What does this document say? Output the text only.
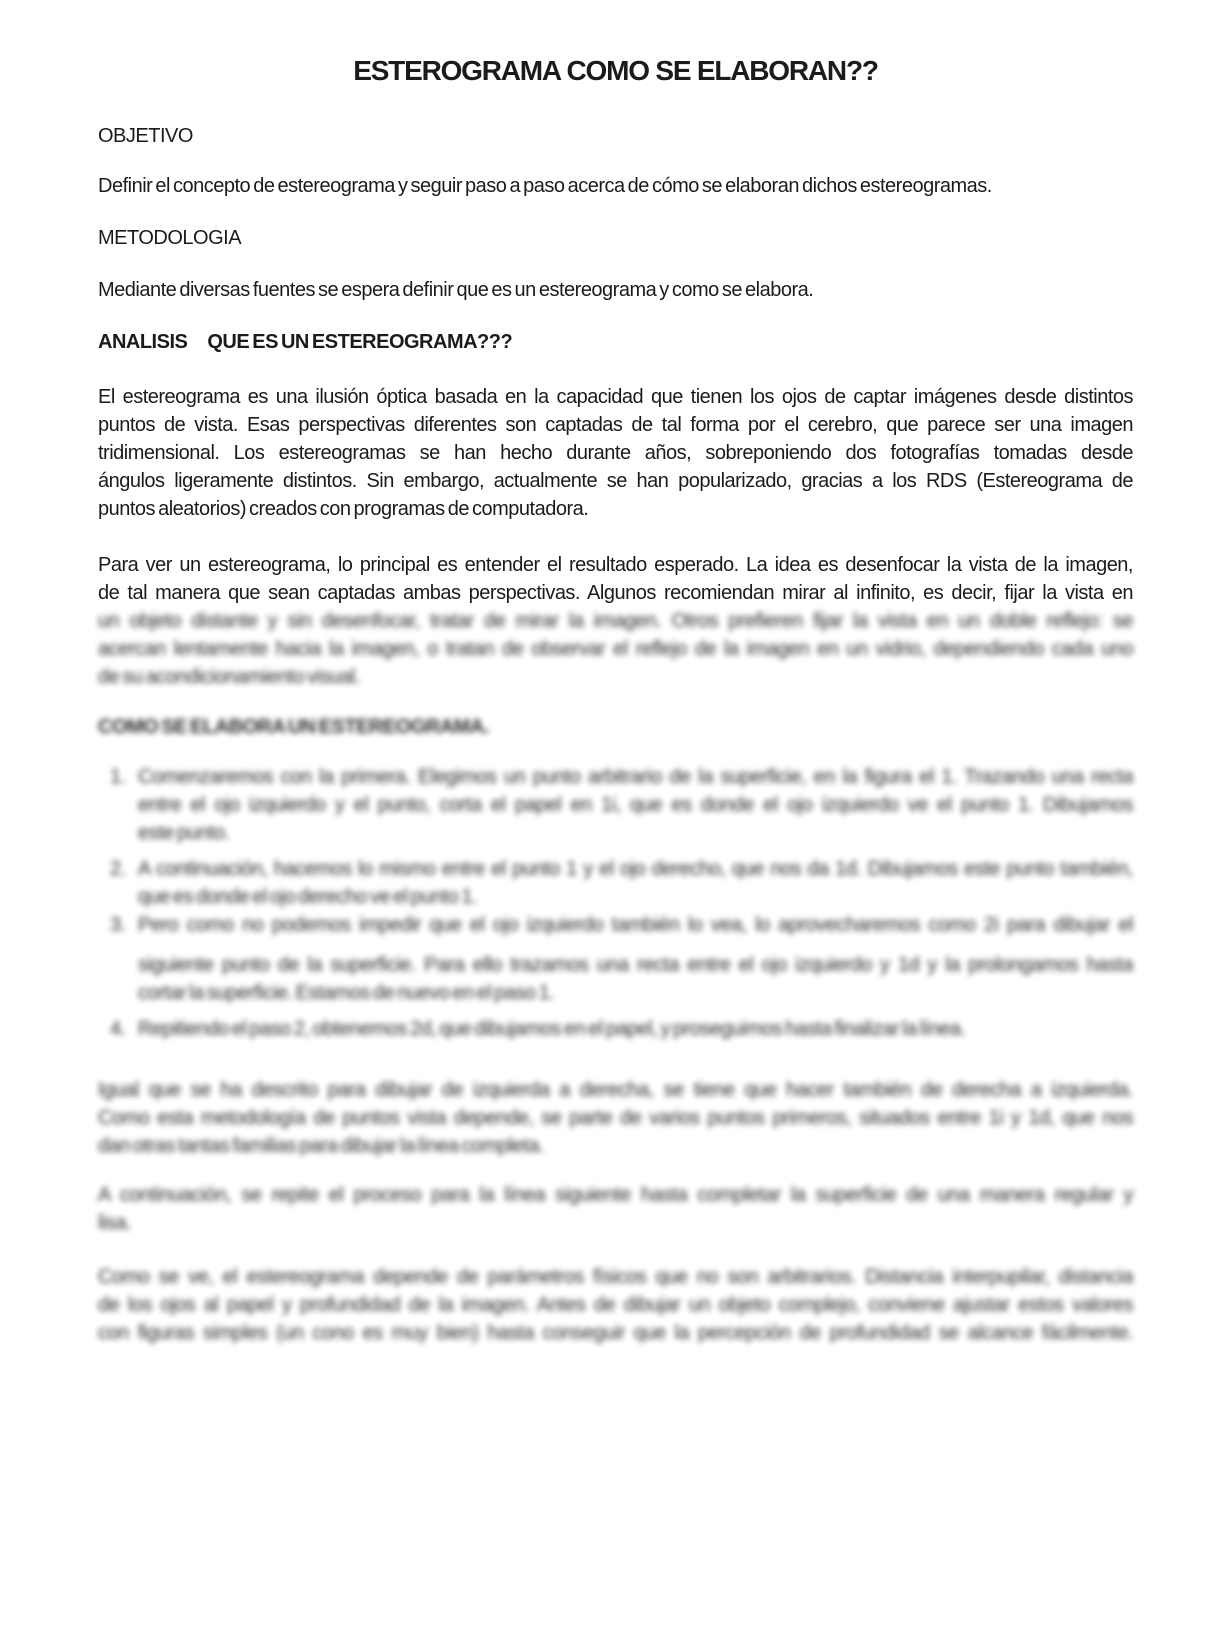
ESTEROGRAMA COMO SE ELABORAN??
OBJETIVO
Definir el concepto de estereograma y seguir paso a paso acerca de cómo se elaboran dichos estereogramas.
METODOLOGIA
Mediante diversas fuentes se espera definir que es un estereograma y como se elabora.
ANALISIS QUE ES UN ESTEREOGRAMA???
El estereograma es una ilusión óptica basada en la capacidad que tienen los ojos de captar imágenes desde distintos
puntos de vista. Esas perspectivas diferentes son captadas de tal forma por el cerebro, que parece ser una imagen
tridimensional. Los estereogramas se han hecho durante años, sobreponiendo dos fotografías tomadas desde
ángulos ligeramente distintos. Sin embargo, actualmente se han popularizado, gracias a los RDS (Estereograma de
puntos aleatorios) creados con programas de computadora.
Para ver un estereograma, lo principal es entender el resultado esperado. La idea es desenfocar la vista de la imagen,
de tal manera que sean captadas ambas perspectivas. Algunos recomiendan mirar al infinito, es decir, fijar la vista en
un objeto distante y sin desenfocar, tratar de mirar la imagen. Otros prefieren fijar la vista en un doble reflejo: se
acercan lentamente hacia la imagen, o tratan de observar el reflejo de la imagen en un vidrio, dependiendo cada uno
de su acondicionamiento visual.
COMO SE ELABORA UN ESTEREOGRAMA.
1. Comenzaremos con la primera. Elegimos un punto arbitrario de la superficie, en la figura el 1. Trazando una recta
entre el ojo izquierdo y el punto, corta el papel en 1i, que es donde el ojo izquierdo ve el punto 1. Dibujamos
este punto.
2. A continuación, hacemos lo mismo entre el punto 1 y el ojo derecho, que nos da 1d. Dibujamos este punto también,
que es donde el ojo derecho ve el punto 1.
3. Pero como no podemos impedir que el ojo izquierdo también lo vea, lo aprovecharemos como 2i para dibujar el
siguiente punto de la superficie. Para ello trazamos una recta entre el ojo izquierdo y 1d y la prolongamos hasta
cortar la superficie. Estamos de nuevo en el paso 1.
4. Repitiendo el paso 2, obtenemos 2d, que dibujamos en el papel, y proseguimos hasta finalizar la línea.
Igual que se ha descrito para dibujar de izquierda a derecha, se tiene que hacer también de derecha a izquierda.
Como esta metodología de puntos vista depende, se parte de varios puntos primeros, situados entre 1i y 1d, que nos
dan otras tantas familias para dibujar la línea completa.
A continuación, se repite el proceso para la línea siguiente hasta completar la superficie de una manera regular y
lisa.
Como se ve, el estereograma depende de parámetros físicos que no son arbitrarios. Distancia interpupilar, distancia
de los ojos al papel y profundidad de la imagen. Antes de dibujar un objeto complejo, conviene ajustar estos valores
con figuras simples (un cono es muy bien) hasta conseguir que la percepción de profundidad se alcance fácilmente.
